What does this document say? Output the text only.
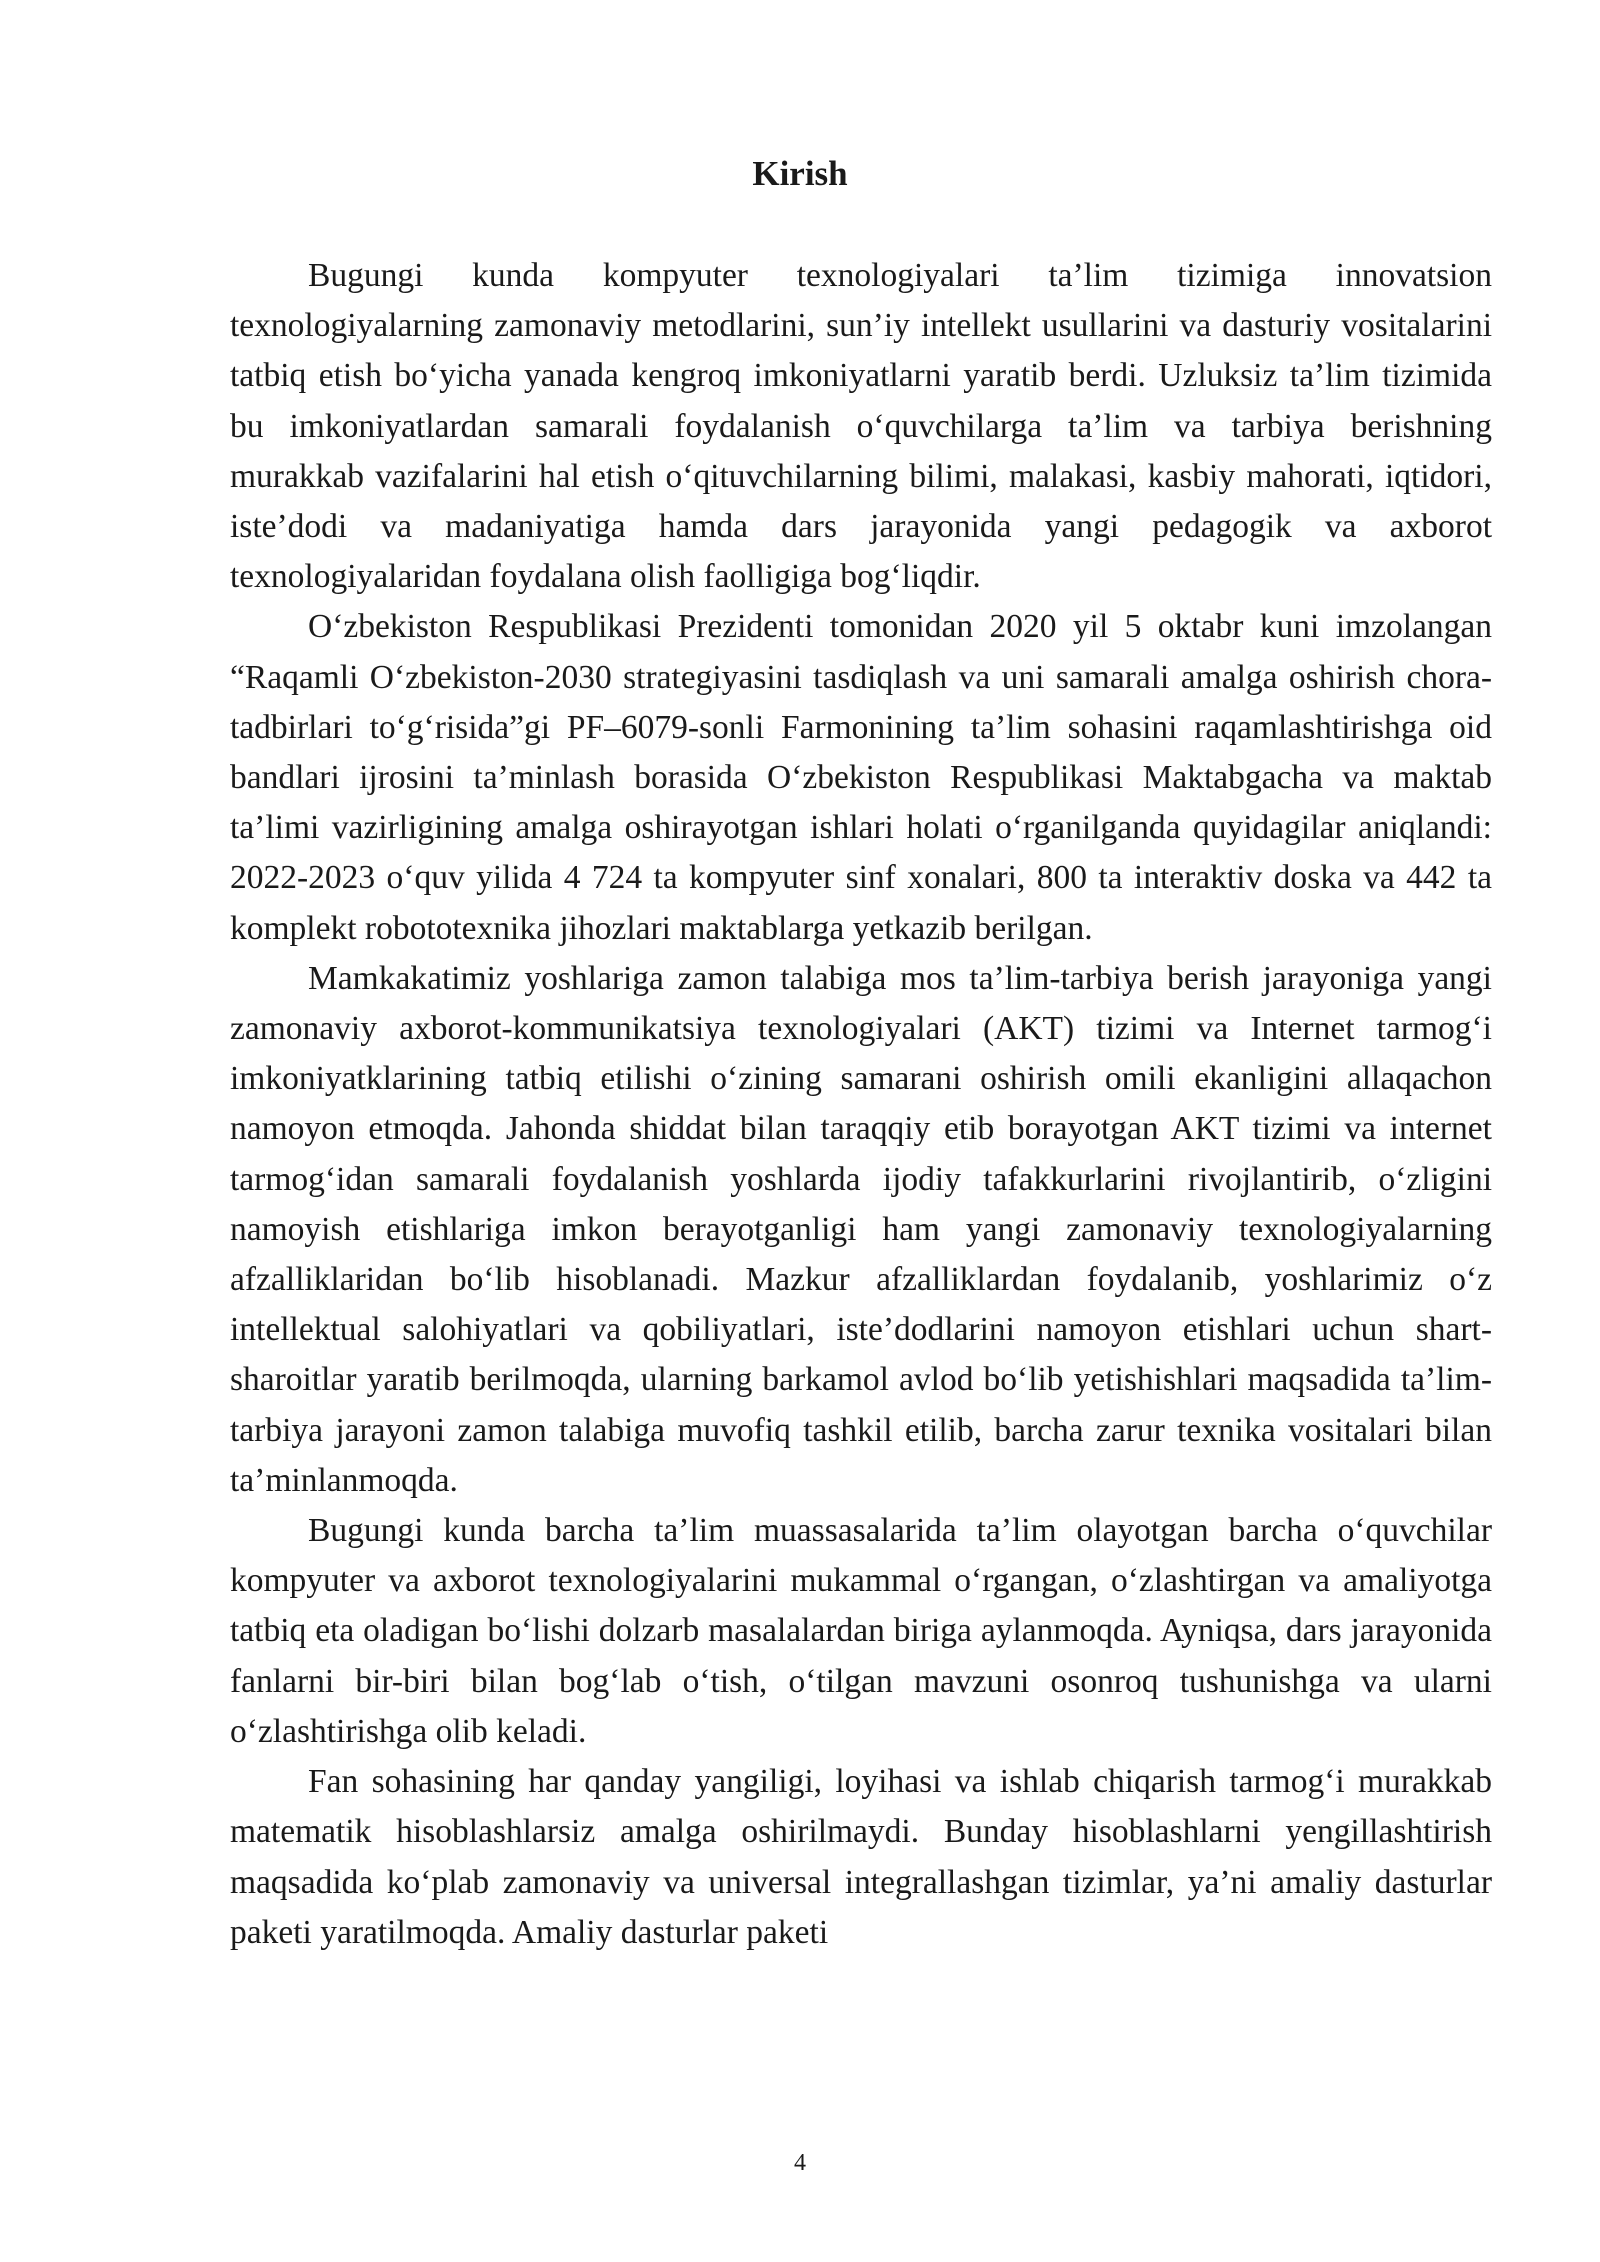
Kirish

Bugungi kunda kompyuter texnologiyalari ta’lim tizimiga innovatsion texnologiyalarning zamonaviy metodlarini, sun’iy intellekt usullarini va dasturiy vositalarini tatbiq etish bo‘yicha yanada kengroq imkoniyatlarni yaratib berdi. Uzluksiz ta’lim tizimida bu imkoniyatlardan samarali foydalanish o‘quvchilarga ta’lim va tarbiya berishning murakkab vazifalarini hal etish o‘qituvchilarning bilimi, malakasi, kasbiy mahorati, iqtidori, iste’dodi va madaniyatiga hamda dars jarayonida yangi pedagogik va axborot texnologiyalaridan foydalana olish faolligiga bog‘liqdir.

O‘zbekiston Respublikasi Prezidenti tomonidan 2020 yil 5 oktabr kuni imzolangan “Raqamli O‘zbekiston-2030 strategiyasini tasdiqlash va uni samarali amalga oshirish chora-tadbirlari to‘g‘risida”gi PF–6079-sonli Farmonining ta’lim sohasini raqamlashtirishga oid bandlari ijrosini ta’minlash borasida O‘zbekiston Respublikasi Maktabgacha va maktab ta’limi vazirligining amalga oshirayotgan ishlari holati o‘rganilganda quyidagilar aniqlandi: 2022-2023 o‘quv yilida 4 724 ta kompyuter sinf xonalari, 800 ta interaktiv doska va 442 ta komplekt robototexnika jihozlari maktablarga yetkazib berilgan.

Mamkakatimiz yoshlariga zamon talabiga mos ta’lim-tarbiya berish jarayoniga yangi zamonaviy axborot-kommunikatsiya texnologiyalari (AKT) tizimi va Internet tarmog‘i imkoniyatklarining tatbiq etilishi o‘zining samarani oshirish omili ekanligini allaqachon namoyon etmoqda. Jahonda shiddat bilan taraqqiy etib borayotgan AKT tizimi va internet tarmog‘idan samarali foydalanish yoshlarda ijodiy tafakkurlarini rivojlantirib, o‘zligini namoyish etishlariga imkon berayotganligi ham yangi zamonaviy texnologiyalarning afzalliklaridan bo‘lib hisoblanadi. Mazkur afzalliklardan foydalanib, yoshlarimiz o‘z intellektual salohiyatlari va qobiliyatlari, iste’dodlarini namoyon etishlari uchun shart-sharoitlar yaratib berilmoqda, ularning barkamol avlod bo‘lib yetishishlari maqsadida ta’lim-tarbiya jarayoni zamon talabiga muvofiq tashkil etilib, barcha zarur texnika vositalari bilan ta’minlanmoqda.

Bugungi kunda barcha ta’lim muassasalarida ta’lim olayotgan barcha o‘quvchilar kompyuter va axborot texnologiyalarini mukammal o‘rgangan, o‘zlashtirgan va amaliyotga tatbiq eta oladigan bo‘lishi dolzarb masalalardan biriga aylanmoqda. Ayniqsa, dars jarayonida fanlarni bir-biri bilan bog‘lab o‘tish, o‘tilgan mavzuni osonroq tushunishga va ularni o‘zlashtirishga olib keladi.

Fan sohasining har qanday yangiligi, loyihasi va ishlab chiqarish tarmog‘i murakkab matematik hisoblashlarsiz amalga oshirilmaydi. Bunday hisoblashlarni yengillashtirish maqsadida ko‘plab zamonaviy va universal integrallashgan tizimlar, ya’ni amaliy dasturlar paketi yaratilmoqda. Amaliy dasturlar paketi

4
